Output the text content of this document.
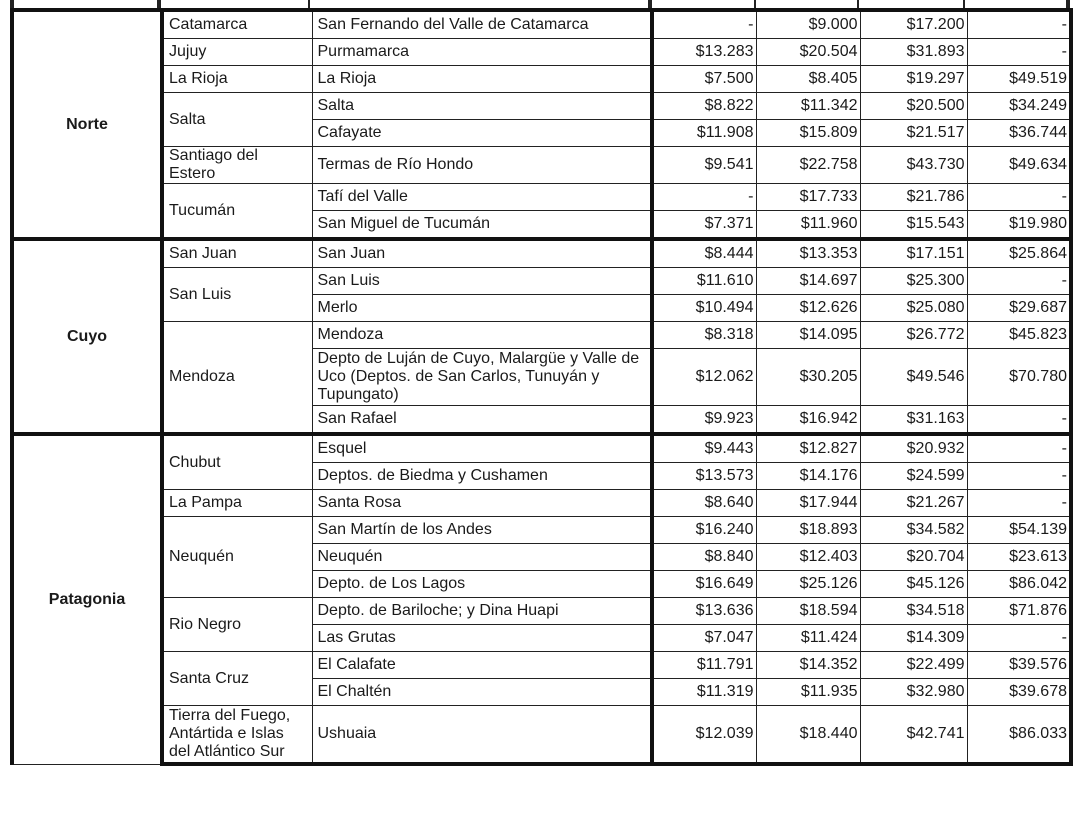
Norte	Catamarca	San Fernando del Valle de Catamarca	-	$9.000	$17.200	-
	Jujuy	Purmamarca	$13.283	$20.504	$31.893	-
	La Rioja	La Rioja	$7.500	$8.405	$19.297	$49.519
	Salta	Salta	$8.822	$11.342	$20.500	$34.249
		Cafayate	$11.908	$15.809	$21.517	$36.744
	Santiago del Estero	Termas de Río Hondo	$9.541	$22.758	$43.730	$49.634
	Tucumán	Tafí del Valle	-	$17.733	$21.786	-
		San Miguel de Tucumán	$7.371	$11.960	$15.543	$19.980
Cuyo	San Juan	San Juan	$8.444	$13.353	$17.151	$25.864
	San Luis	San Luis	$11.610	$14.697	$25.300	-
		Merlo	$10.494	$12.626	$25.080	$29.687
	Mendoza	Mendoza	$8.318	$14.095	$26.772	$45.823
		Depto de Luján de Cuyo, Malargüe y Valle de Uco (Deptos. de San Carlos, Tunuyán y Tupungato)	$12.062	$30.205	$49.546	$70.780
		San Rafael	$9.923	$16.942	$31.163	-
Patagonia	Chubut	Esquel	$9.443	$12.827	$20.932	-
		Deptos. de Biedma y Cushamen	$13.573	$14.176	$24.599	-
	La Pampa	Santa Rosa	$8.640	$17.944	$21.267	-
	Neuquén	San Martín de los Andes	$16.240	$18.893	$34.582	$54.139
		Neuquén	$8.840	$12.403	$20.704	$23.613
		Depto. de Los Lagos	$16.649	$25.126	$45.126	$86.042
	Rio Negro	Depto. de Bariloche; y Dina Huapi	$13.636	$18.594	$34.518	$71.876
		Las Grutas	$7.047	$11.424	$14.309	-
	Santa Cruz	El Calafate	$11.791	$14.352	$22.499	$39.576
		El Chaltén	$11.319	$11.935	$32.980	$39.678
	Tierra del Fuego, Antártida e Islas del Atlántico Sur	Ushuaia	$12.039	$18.440	$42.741	$86.033
